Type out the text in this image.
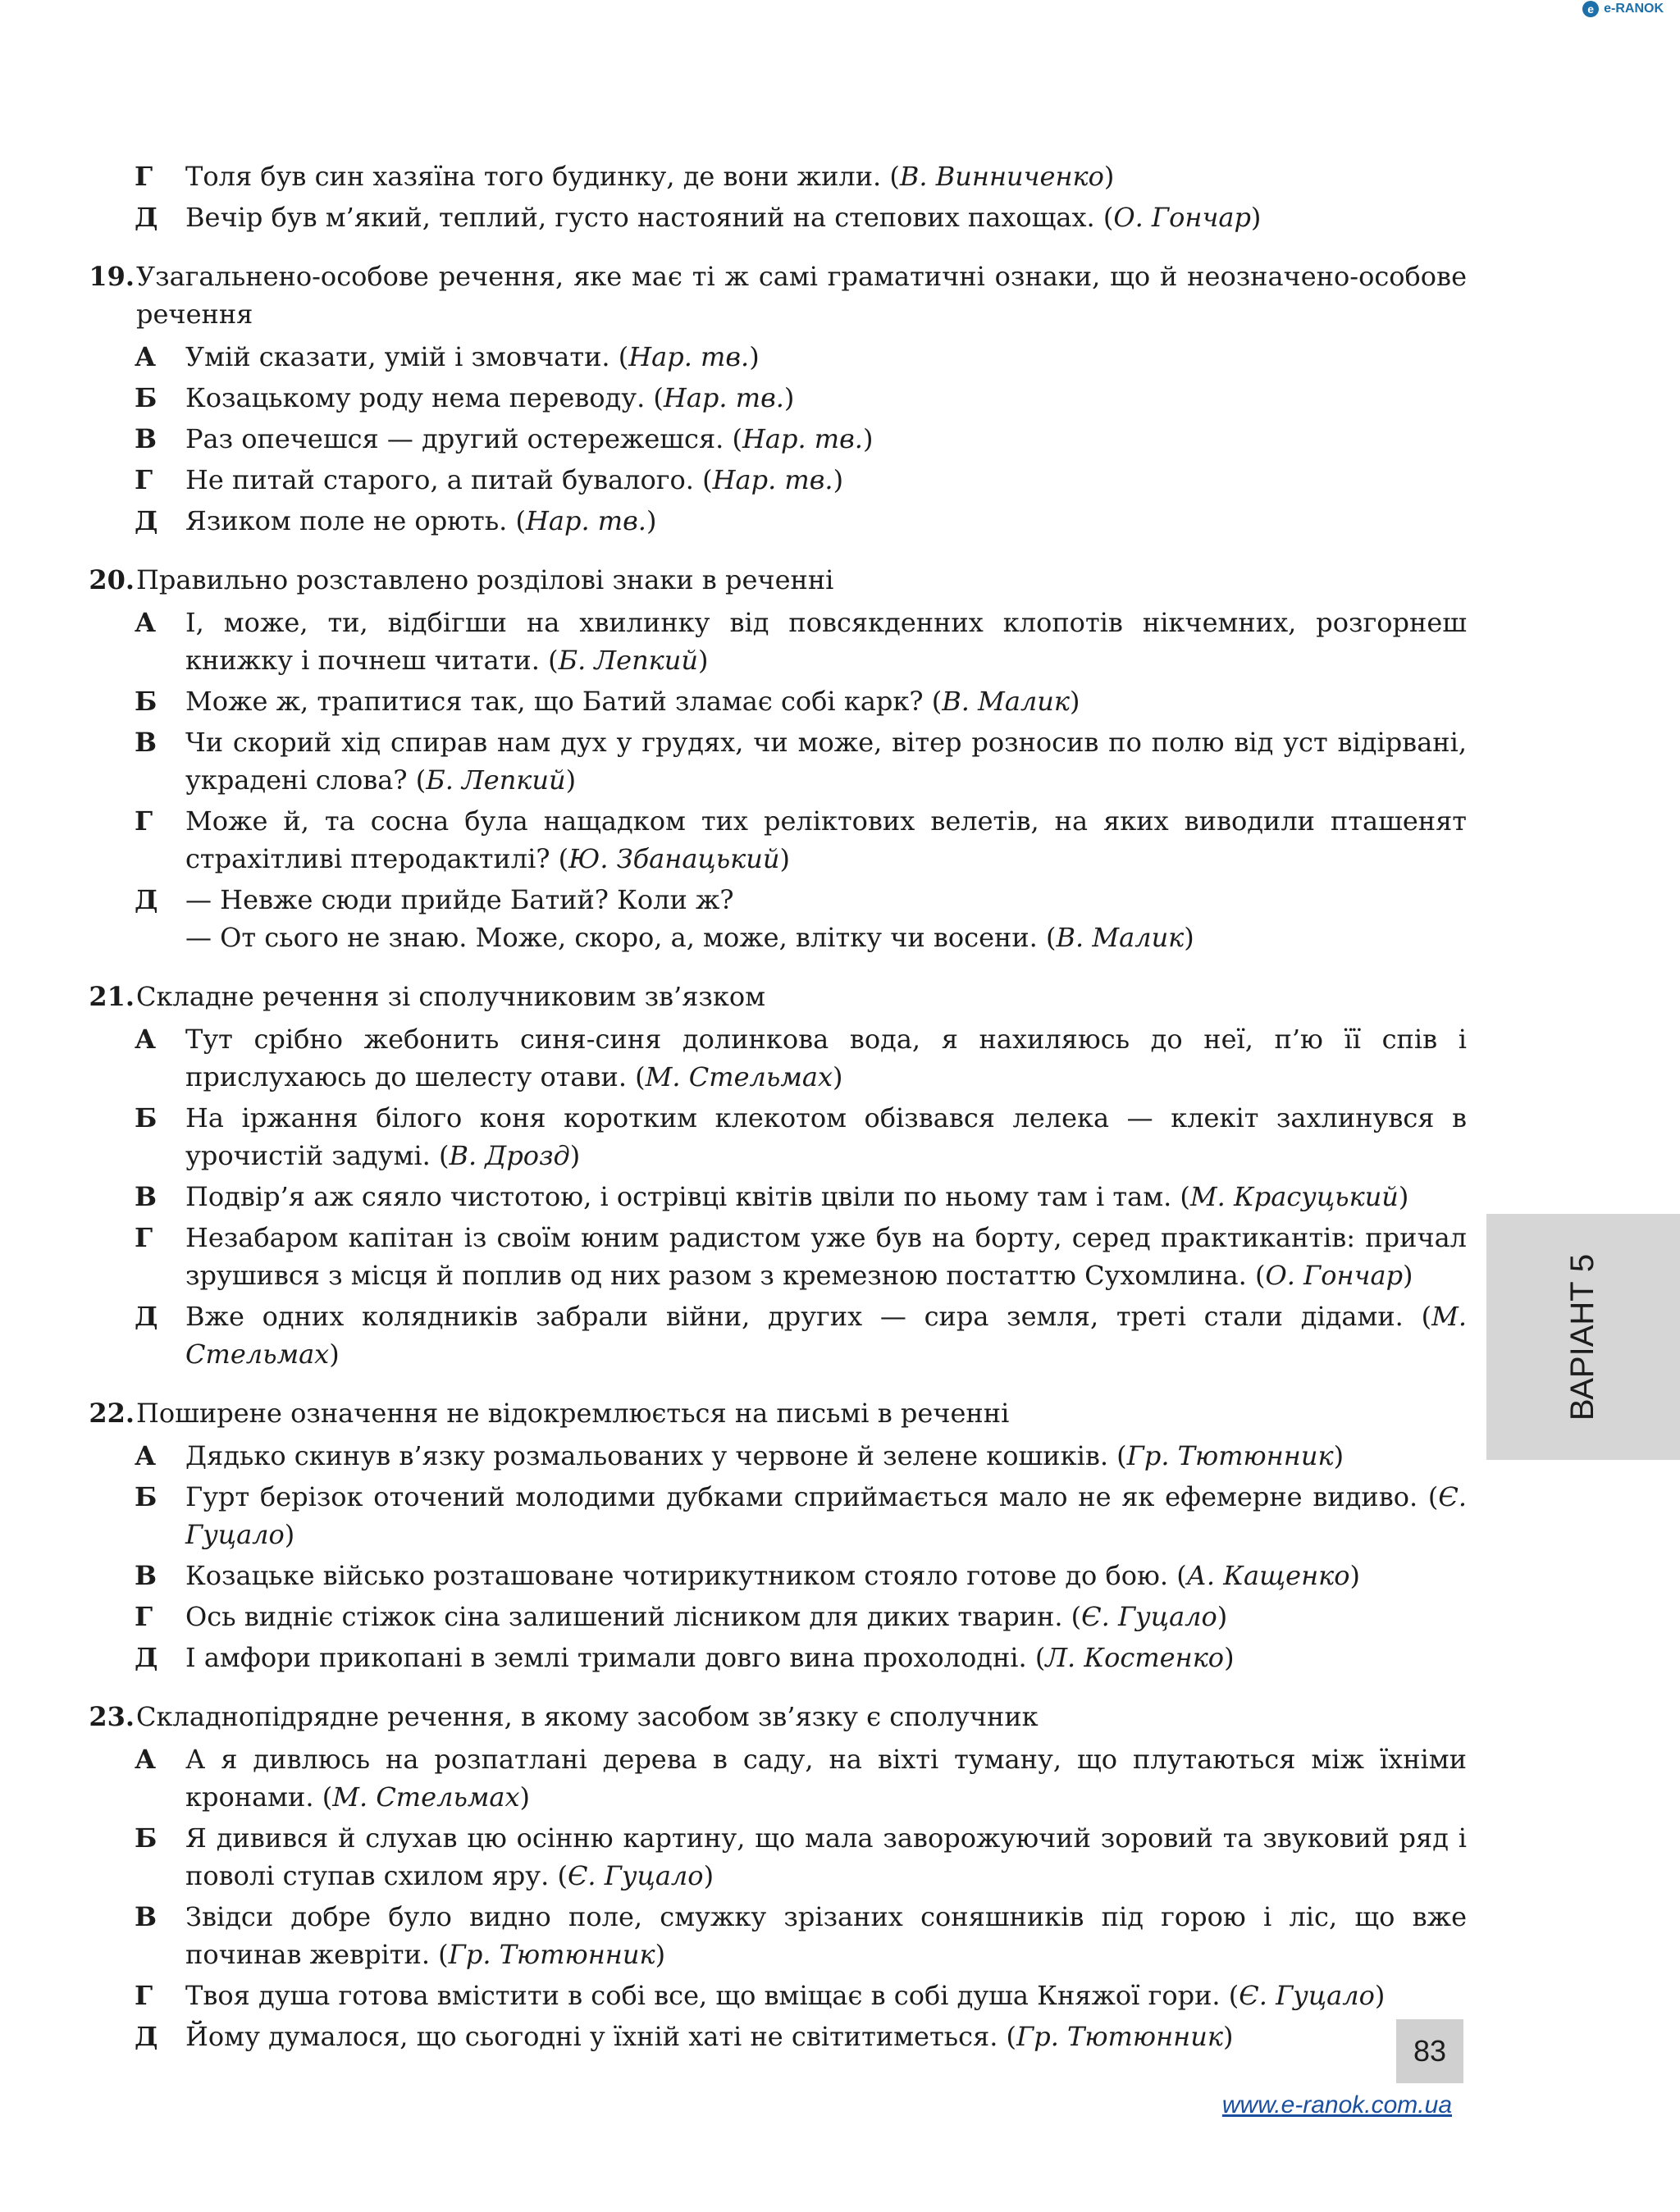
e e-RANOK
Г	Толя був син хазяїна того будинку, де вони жили. (В. Винниченко)
Д	Вечір був м’який, теплий, густо настояний на степових пахощах. (О. Гончар)
19. Узагальнено-особове речення, яке має ті ж самі граматичні ознаки, що й неозначено-особове речення
А	Умій сказати, умій і змовчати. (Нар. тв.)
Б	Козацькому роду нема переводу. (Нар. тв.)
В	Раз опечешся — другий остережешся. (Нар. тв.)
Г	Не питай старого, а питай бувалого. (Нар. тв.)
Д	Язиком поле не орють. (Нар. тв.)
20. Правильно розставлено розділові знаки в реченні
А	І, може, ти, відбігши на хвилинку від повсякденних клопотів нікчемних, розгорнеш книжку і почнеш читати. (Б. Лепкий)
Б	Може ж, трапитися так, що Батий зламає собі карк? (В. Малик)
В	Чи скорий хід спирав нам дух у грудях, чи може, вітер розносив по полю від уст відірвані, украдені слова? (Б. Лепкий)
Г	Може й, та сосна була нащадком тих реліктових велетів, на яких виводили пташенят страхітливі птеродактилі? (Ю. Збанацький)
Д	— Невже сюди прийде Батий? Коли ж?
— От сього не знаю. Може, скоро, а, може, влітку чи восени. (В. Малик)
21. Складне речення зі сполучниковим зв’язком
А	Тут срібно жебонить синя-синя долинкова вода, я нахиляюсь до неї, п’ю її спів і прислухаюсь до шелесту отави. (М. Стельмах)
Б	На іржання білого коня коротким клекотом обізвався лелека — клекіт захлинувся в урочистій задумі. (В. Дрозд)
В	Подвір’я аж сяяло чистотою, і острівці квітів цвіли по ньому там і там. (М. Красуцький)
Г	Незабаром капітан із своїм юним радистом уже був на борту, серед практикантів: причал зрушився з місця й поплив од них разом з кремезною постаттю Сухомлина. (О. Гончар)
Д	Вже одних колядників забрали війни, других — сира земля, треті стали дідами. (М. Стельмах)
22. Поширене означення не відокремлюється на письмі в реченні
А	Дядько скинув в’язку розмальованих у червоне й зелене кошиків. (Гр. Тютюнник)
Б	Гурт берізок оточений молодими дубками сприймається мало не як ефемерне видиво. (Є. Гуцало)
В	Козацьке військо розташоване чотирикутником стояло готове до бою. (А. Кащенко)
Г	Ось видніє стіжок сіна залишений лісником для диких тварин. (Є. Гуцало)
Д	І амфори прикопані в землі тримали довго вина прохолодні. (Л. Костенко)
23. Складнопідрядне речення, в якому засобом зв’язку є сполучник
А	А я дивлюсь на розпатлані дерева в саду, на віхті туману, що плутаються між їхніми кронами. (М. Стельмах)
Б	Я дивився й слухав цю осінню картину, що мала заворожуючий зоровий та звуковий ряд і поволі ступав схилом яру. (Є. Гуцало)
В	Звідси добре було видно поле, смужку зрізаних соняшників під горою і ліс, що вже починав жевріти. (Гр. Тютюнник)
Г	Твоя душа готова вмістити в собі все, що вміщає в собі душа Княжої гори. (Є. Гуцало)
Д	Йому думалося, що сьогодні у їхній хаті не світитиметься. (Гр. Тютюнник)
ВАРІАНТ 5
83
www.e-ranok.com.ua
